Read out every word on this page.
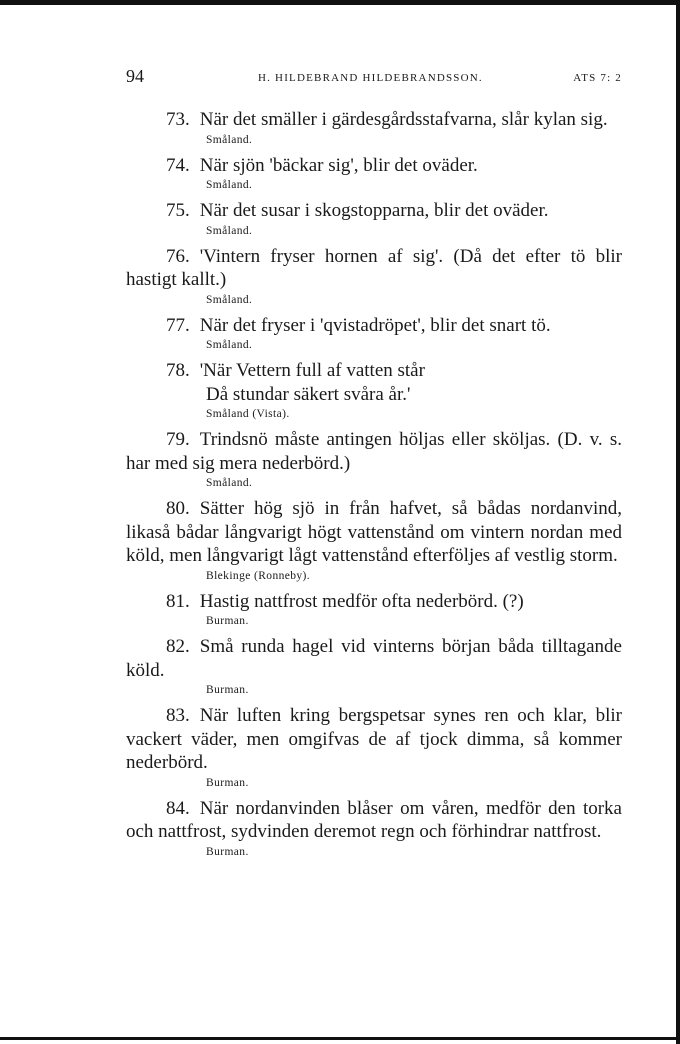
94	H. HILDEBRAND HILDEBRANDSSON.	ATS 7: 2

73. När det smäller i gärdesgårdsstafvarna, slår kylan sig.

Småland.

74. När sjön 'bäckar sig', blir det oväder.

Småland.

75. När det susar i skogstopparna, blir det oväder.

Småland.

76. 'Vintern fryser hornen af sig'. (Då det efter tö blir hastigt kallt.)

Småland.

77. När det fryser i 'qvistadröpet', blir det snart tö.

Småland.

78. 'När Vettern full af vatten står
Då stundar säkert svåra år.'

Småland (Vista).

79. Trindsnö måste antingen höljas eller sköljas. (D. v. s. har med sig mera nederbörd.)

Småland.

80. Sätter hög sjö in från hafvet, så bådas nordanvind, likaså bådar långvarigt högt vattenstånd om vintern nordan med köld, men långvarigt lågt vattenstånd efterföljes af vestlig storm.

Blekinge (Ronneby).

81. Hastig nattfrost medför ofta nederbörd. (?)

Burman.

82. Små runda hagel vid vinterns början båda tilltagande köld.

Burman.

83. När luften kring bergspetsar synes ren och klar, blir vackert väder, men omgifvas de af tjock dimma, så kommer nederbörd.

Burman.

84. När nordanvinden blåser om våren, medför den torka och nattfrost, sydvinden deremot regn och förhindrar nattfrost.

Burman.
